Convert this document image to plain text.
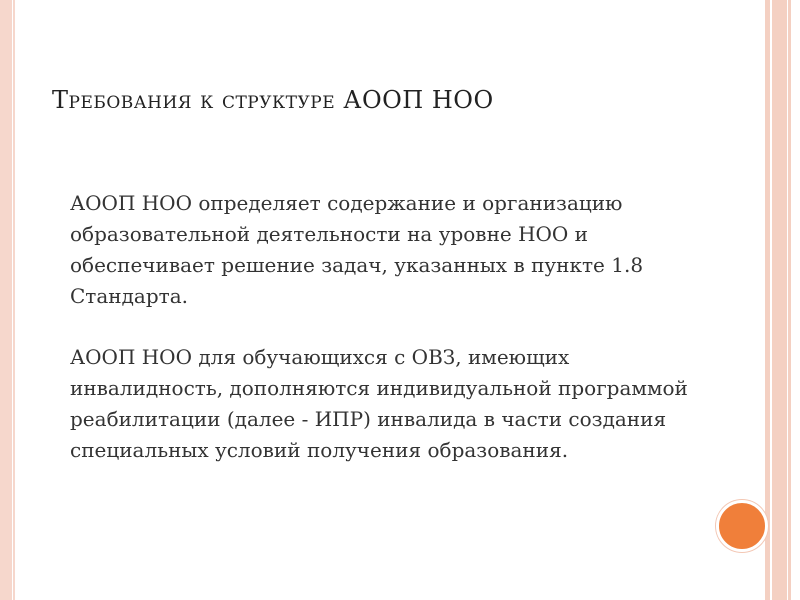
Требования к структуре АООП НОО
АООП НОО определяет содержание и организацию образовательной деятельности на уровне НОО и обеспечивает решение задач, указанных в пункте 1.8 Стандарта.
АООП НОО для обучающихся с ОВЗ, имеющих инвалидность, дополняются индивидуальной программой реабилитации (далее - ИПР) инвалида в части создания специальных условий получения образования.
